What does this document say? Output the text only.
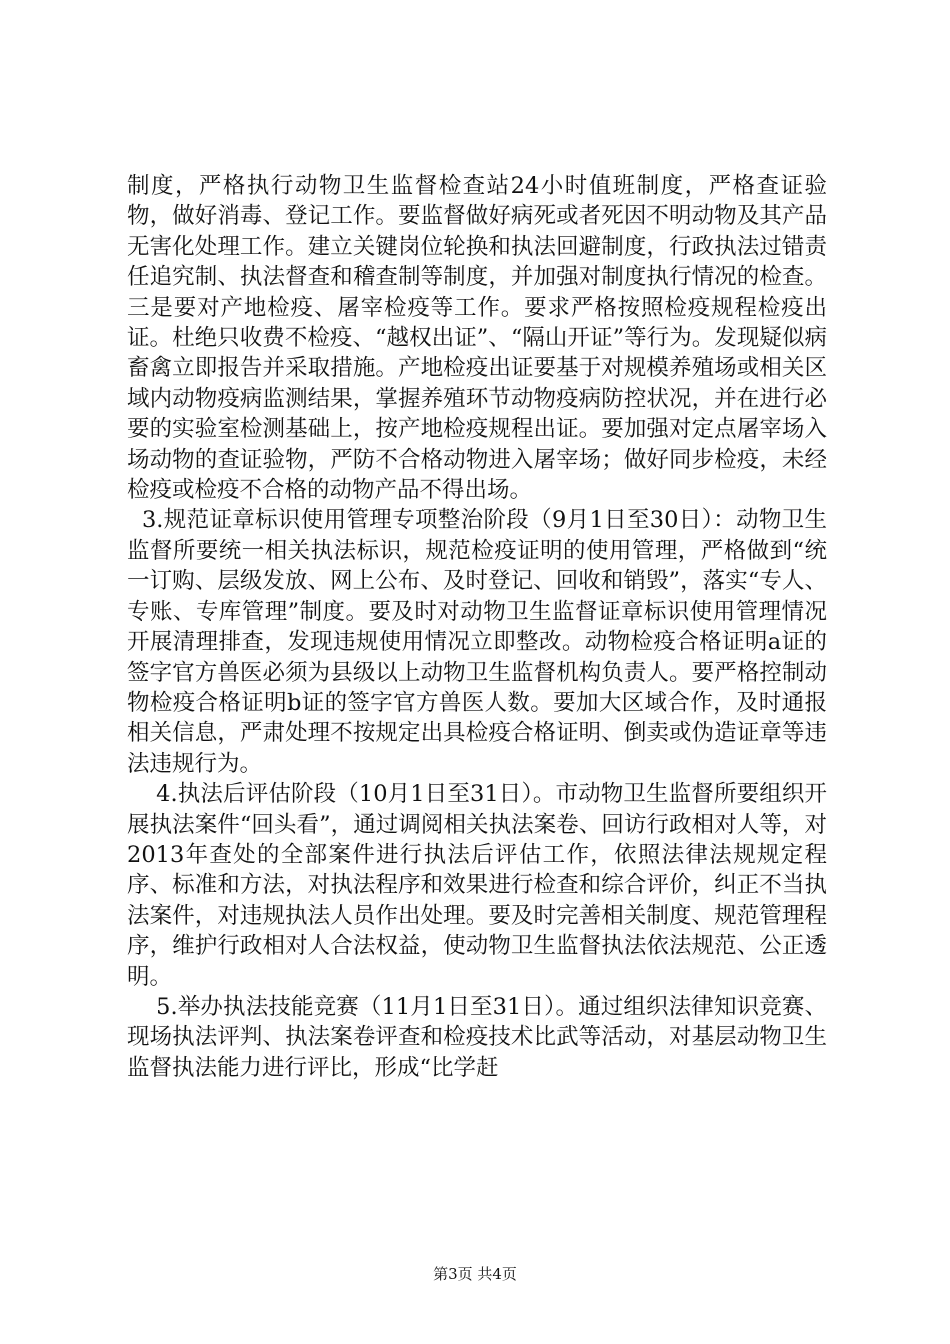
制度，严格执行动物卫生监督检查站24小时值班制度，严格查证验物，做好消毒、登记工作。要监督做好病死或者死因不明动物及其产品无害化处理工作。建立关键岗位轮换和执法回避制度，行政执法过错责任追究制、执法督查和稽查制等制度，并加强对制度执行情况的检查。三是要对产地检疫、屠宰检疫等工作。要求严格按照检疫规程检疫出证。杜绝只收费不检疫、“越权出证”、“隔山开证”等行为。发现疑似病畜禽立即报告并采取措施。产地检疫出证要基于对规模养殖场或相关区域内动物疫病监测结果，掌握养殖环节动物疫病防控状况，并在进行必要的实验室检测基础上，按产地检疫规程出证。要加强对定点屠宰场入场动物的查证验物，严防不合格动物进入屠宰场；做好同步检疫，未经检疫或检疫不合格的动物产品不得出场。

3.规范证章标识使用管理专项整治阶段（9月1日至30日）：动物卫生监督所要统一相关执法标识，规范检疫证明的使用管理，严格做到“统一订购、层级发放、网上公布、及时登记、回收和销毁”，落实“专人、专账、专库管理”制度。要及时对动物卫生监督证章标识使用管理情况开展清理排查，发现违规使用情况立即整改。动物检疫合格证明a证的签字官方兽医必须为县级以上动物卫生监督机构负责人。要严格控制动物检疫合格证明b证的签字官方兽医人数。要加大区域合作，及时通报相关信息，严肃处理不按规定出具检疫合格证明、倒卖或伪造证章等违法违规行为。

4.执法后评估阶段（10月1日至31日）。市动物卫生监督所要组织开展执法案件“回头看”，通过调阅相关执法案卷、回访行政相对人等，对2013年查处的全部案件进行执法后评估工作，依照法律法规规定程序、标准和方法，对执法程序和效果进行检查和综合评价，纠正不当执法案件，对违规执法人员作出处理。要及时完善相关制度、规范管理程序，维护行政相对人合法权益，使动物卫生监督执法依法规范、公正透明。

5.举办执法技能竞赛（11月1日至31日）。通过组织法律知识竞赛、现场执法评判、执法案卷评查和检疫技术比武等活动，对基层动物卫生监督执法能力进行评比，形成“比学赶

第3页 共4页
